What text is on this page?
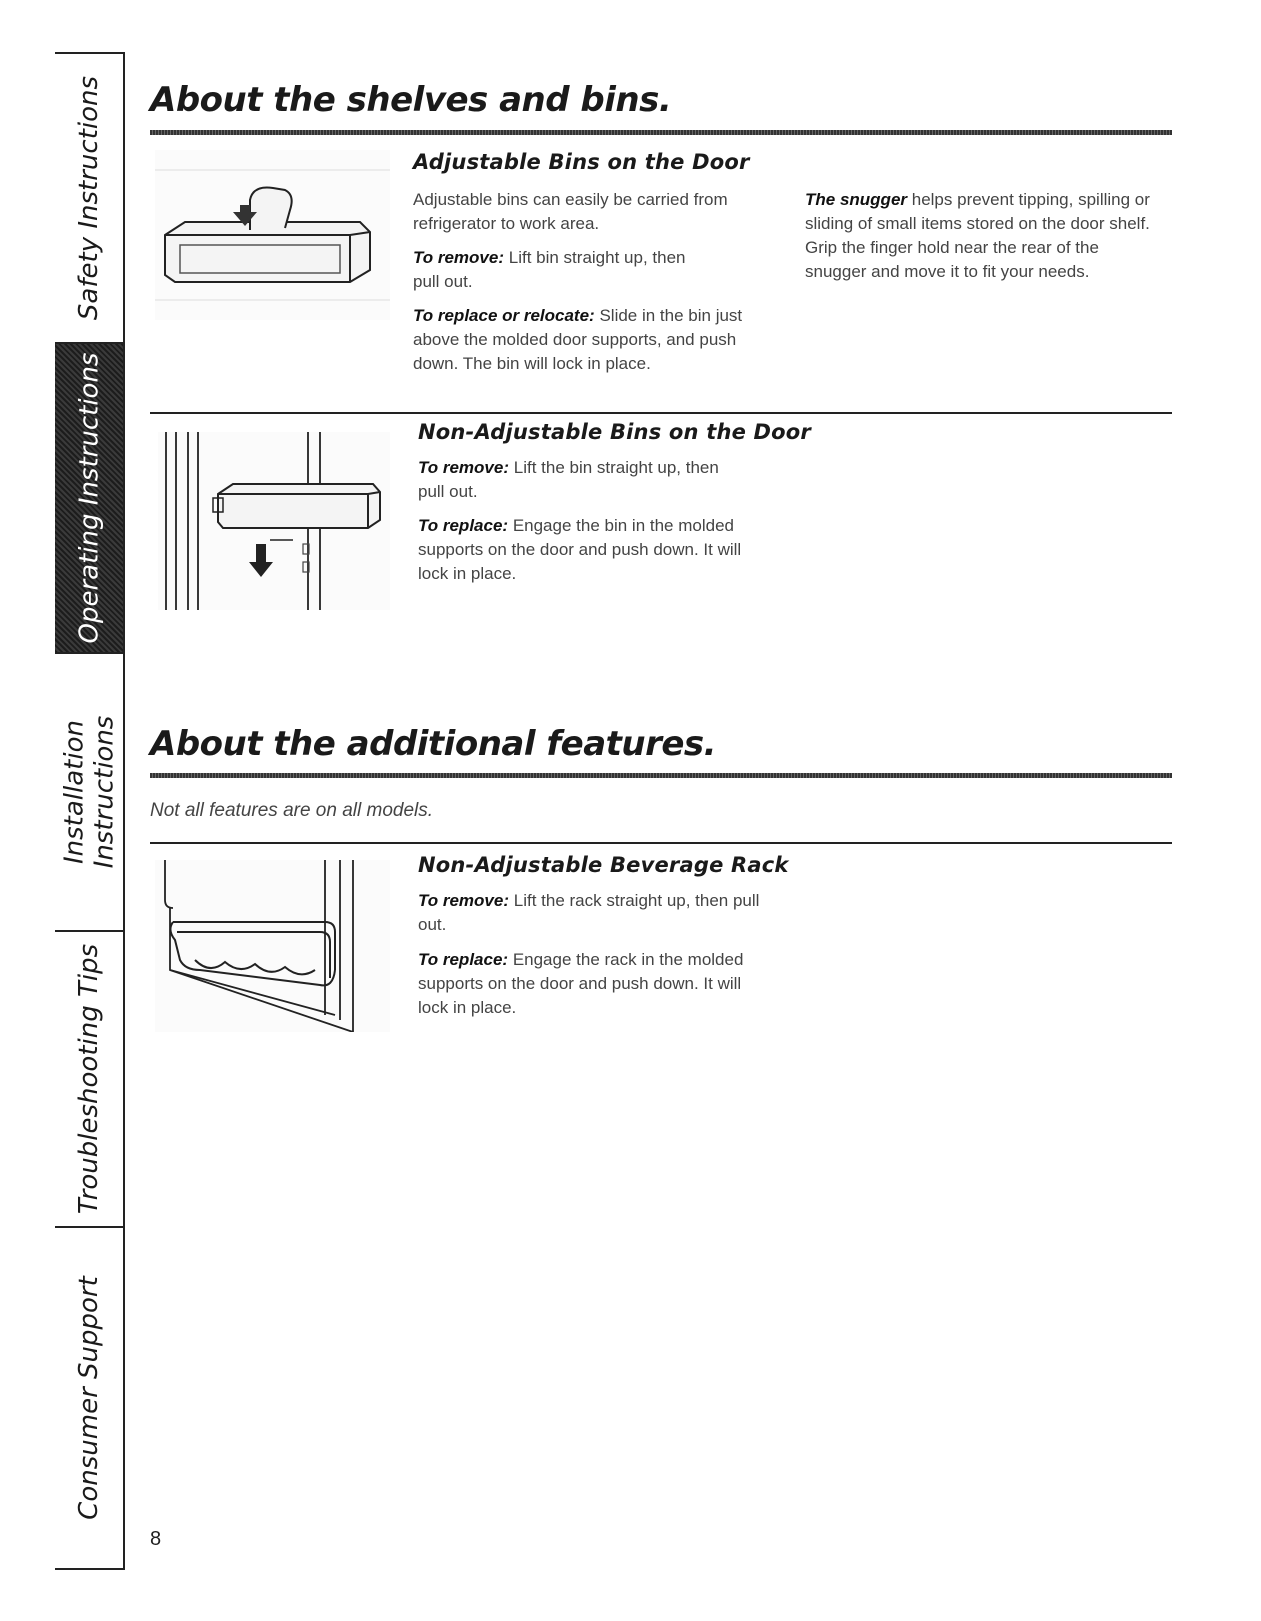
Safety Instructions
Operating Instructions
Installation Instructions
Troubleshooting Tips
Consumer Support
About the shelves and bins.
Adjustable Bins on the Door

Adjustable bins can easily be carried from refrigerator to work area.

To remove: Lift bin straight up, then pull out.

To replace or relocate: Slide in the bin just above the molded door supports, and push down. The bin will lock in place.

The snugger helps prevent tipping, spilling or sliding of small items stored on the door shelf. Grip the finger hold near the rear of the snugger and move it to fit your needs.

Non-Adjustable Bins on the Door

To remove: Lift the bin straight up, then pull out.

To replace: Engage the bin in the molded supports on the door and push down. It will lock in place.

About the additional features.

Not all features are on all models.

Non-Adjustable Beverage Rack

To remove: Lift the rack straight up, then pull out.

To replace: Engage the rack in the molded supports on the door and push down. It will lock in place.

8
